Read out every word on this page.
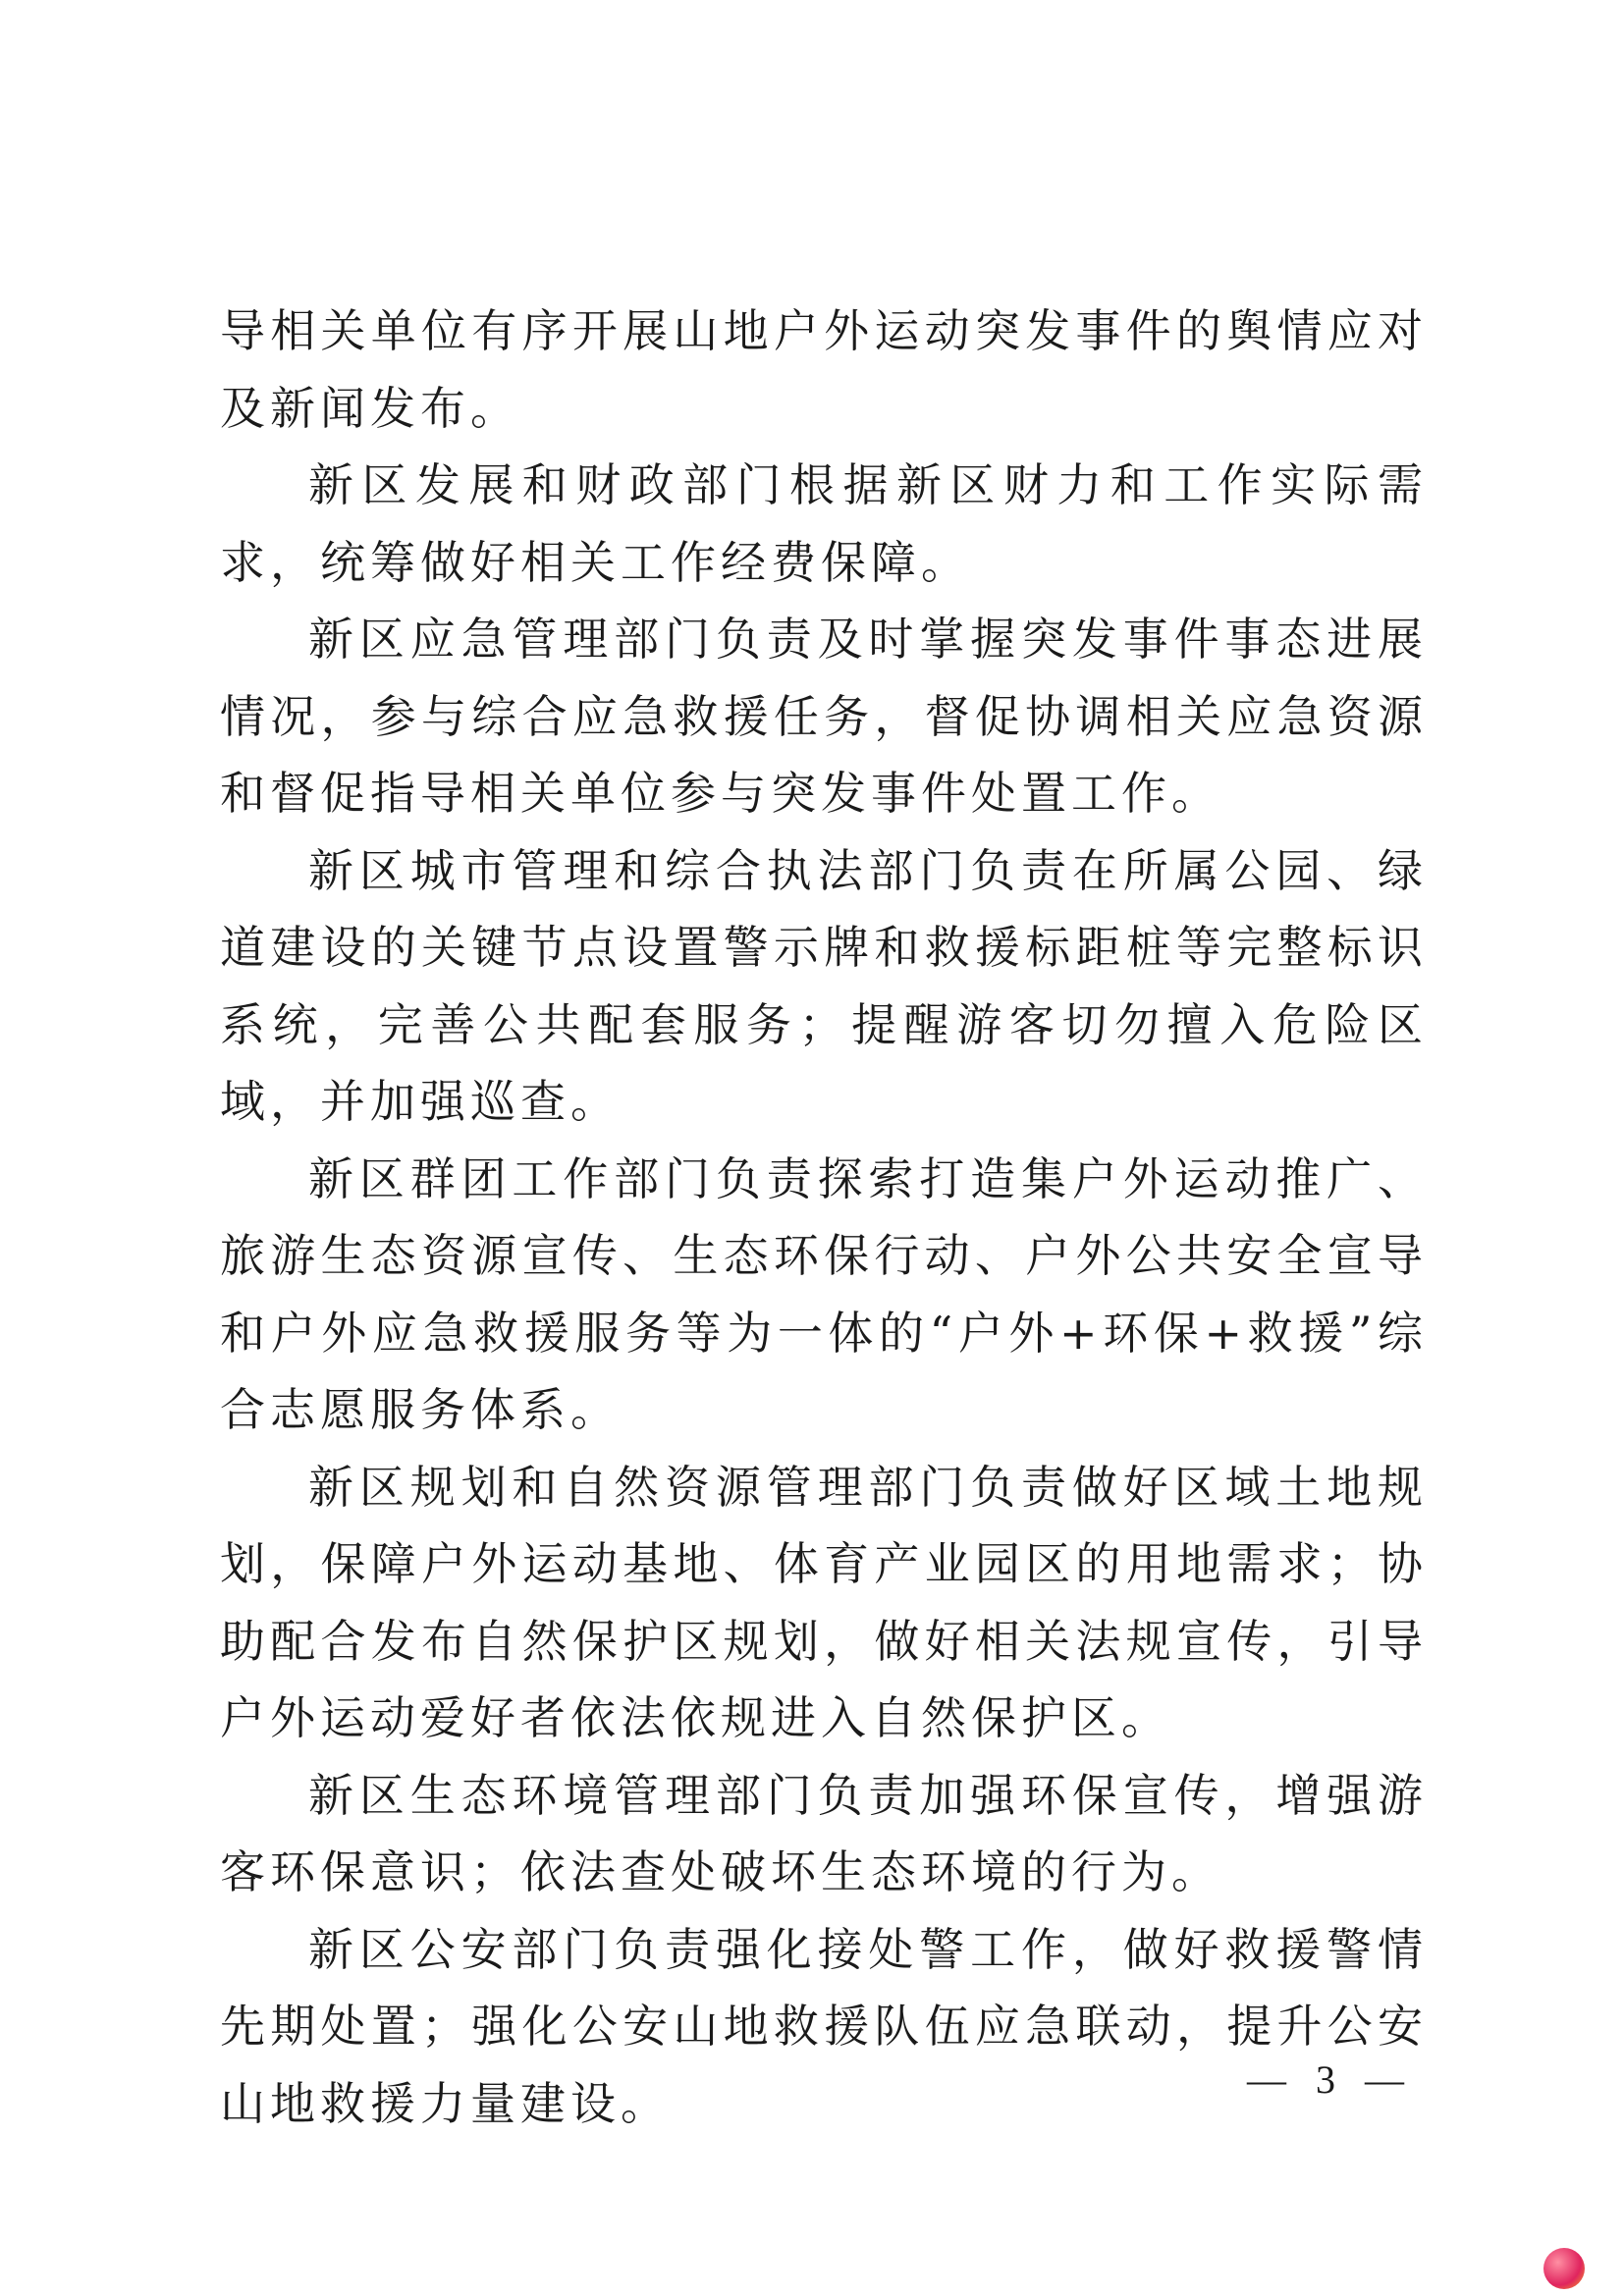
导相关单位有序开展山地户外运动突发事件的舆情应对及新闻发布。

新区发展和财政部门根据新区财力和工作实际需求，统筹做好相关工作经费保障。

新区应急管理部门负责及时掌握突发事件事态进展情况，参与综合应急救援任务，督促协调相关应急资源和督促指导相关单位参与突发事件处置工作。

新区城市管理和综合执法部门负责在所属公园、绿道建设的关键节点设置警示牌和救援标距桩等完整标识系统，完善公共配套服务；提醒游客切勿擅入危险区域，并加强巡查。

新区群团工作部门负责探索打造集户外运动推广、旅游生态资源宣传、生态环保行动、户外公共安全宣导和户外应急救援服务等为一体的“户外+环保+救援”综合志愿服务体系。

新区规划和自然资源管理部门负责做好区域土地规划，保障户外运动基地、体育产业园区的用地需求；协助配合发布自然保护区规划，做好相关法规宣传，引导户外运动爱好者依法依规进入自然保护区。

新区生态环境管理部门负责加强环保宣传，增强游客环保意识；依法查处破坏生态环境的行为。

新区公安部门负责强化接处警工作，做好救援警情先期处置；强化公安山地救援队伍应急联动，提升公安山地救援力量建设。	— 3 —
